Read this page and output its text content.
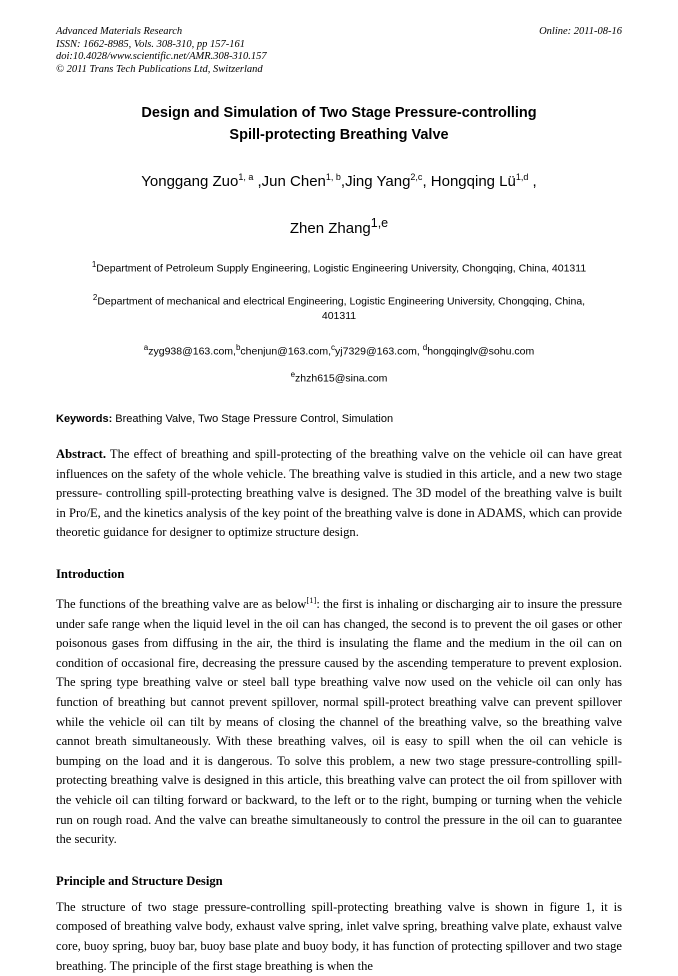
Advanced Materials Research
ISSN: 1662-8985, Vols. 308-310, pp 157-161
doi:10.4028/www.scientific.net/AMR.308-310.157
© 2011 Trans Tech Publications Ltd, Switzerland
Online: 2011-08-16
Design and Simulation of Two Stage Pressure-controlling
Spill-protecting Breathing Valve
Yonggang Zuo$^{1, a}$ ,Jun Chen$^{1, b}$,Jing Yang$^{2,c}$, Hongqing Lü$^{1,d}$ ,
Zhen Zhang$^{1,e}$
$^1$Department of Petroleum Supply Engineering, Logistic Engineering University, Chongqing, China, 401311
$^2$Department of mechanical and electrical Engineering, Logistic Engineering University, Chongqing, China, 401311
$^a$zyg938@163.com,$^b$chenjun@163.com,$^c$yj7329@163.com, $^d$hongqinglv@sohu.com
$^e$zhzh615@sina.com
Keywords: Breathing Valve, Two Stage Pressure Control, Simulation
Abstract. The effect of breathing and spill-protecting of the breathing valve on the vehicle oil can have great influences on the safety of the whole vehicle. The breathing valve is studied in this article, and a new two stage pressure- controlling spill-protecting breathing valve is designed. The 3D model of the breathing valve is built in Pro/E, and the kinetics analysis of the key point of the breathing valve is done in ADAMS, which can provide theoretic guidance for designer to optimize structure design.
Introduction
The functions of the breathing valve are as below[1]: the first is inhaling or discharging air to insure the pressure under safe range when the liquid level in the oil can has changed, the second is to prevent the oil gases or other poisonous gases from diffusing in the air, the third is insulating the flame and the medium in the oil can on condition of occasional fire, decreasing the pressure caused by the ascending temperature to prevent explosion. The spring type breathing valve or steel ball type breathing valve now used on the vehicle oil can only has function of breathing but cannot prevent spillover, normal spill-protect breathing valve can prevent spillover while the vehicle oil can tilt by means of closing the channel of the breathing valve, so the breathing valve cannot breath simultaneously. With these breathing valves, oil is easy to spill when the oil can vehicle is bumping on the load and it is dangerous. To solve this problem, a new two stage pressure-controlling spill-protecting breathing valve is designed in this article, this breathing valve can protect the oil from spillover with the vehicle oil can tilting forward or backward, to the left or to the right, bumping or turning when the vehicle run on rough road. And the valve can breathe simultaneously to control the pressure in the oil can to guarantee the security.
Principle and Structure Design
The structure of two stage pressure-controlling spill-protecting breathing valve is shown in figure 1, it is composed of breathing valve body, exhaust valve spring, inlet valve spring, breathing valve plate, exhaust valve core, buoy spring, buoy bar, buoy base plate and buoy body, it has function of protecting spillover and two stage breathing. The principle of the first stage breathing is when the
